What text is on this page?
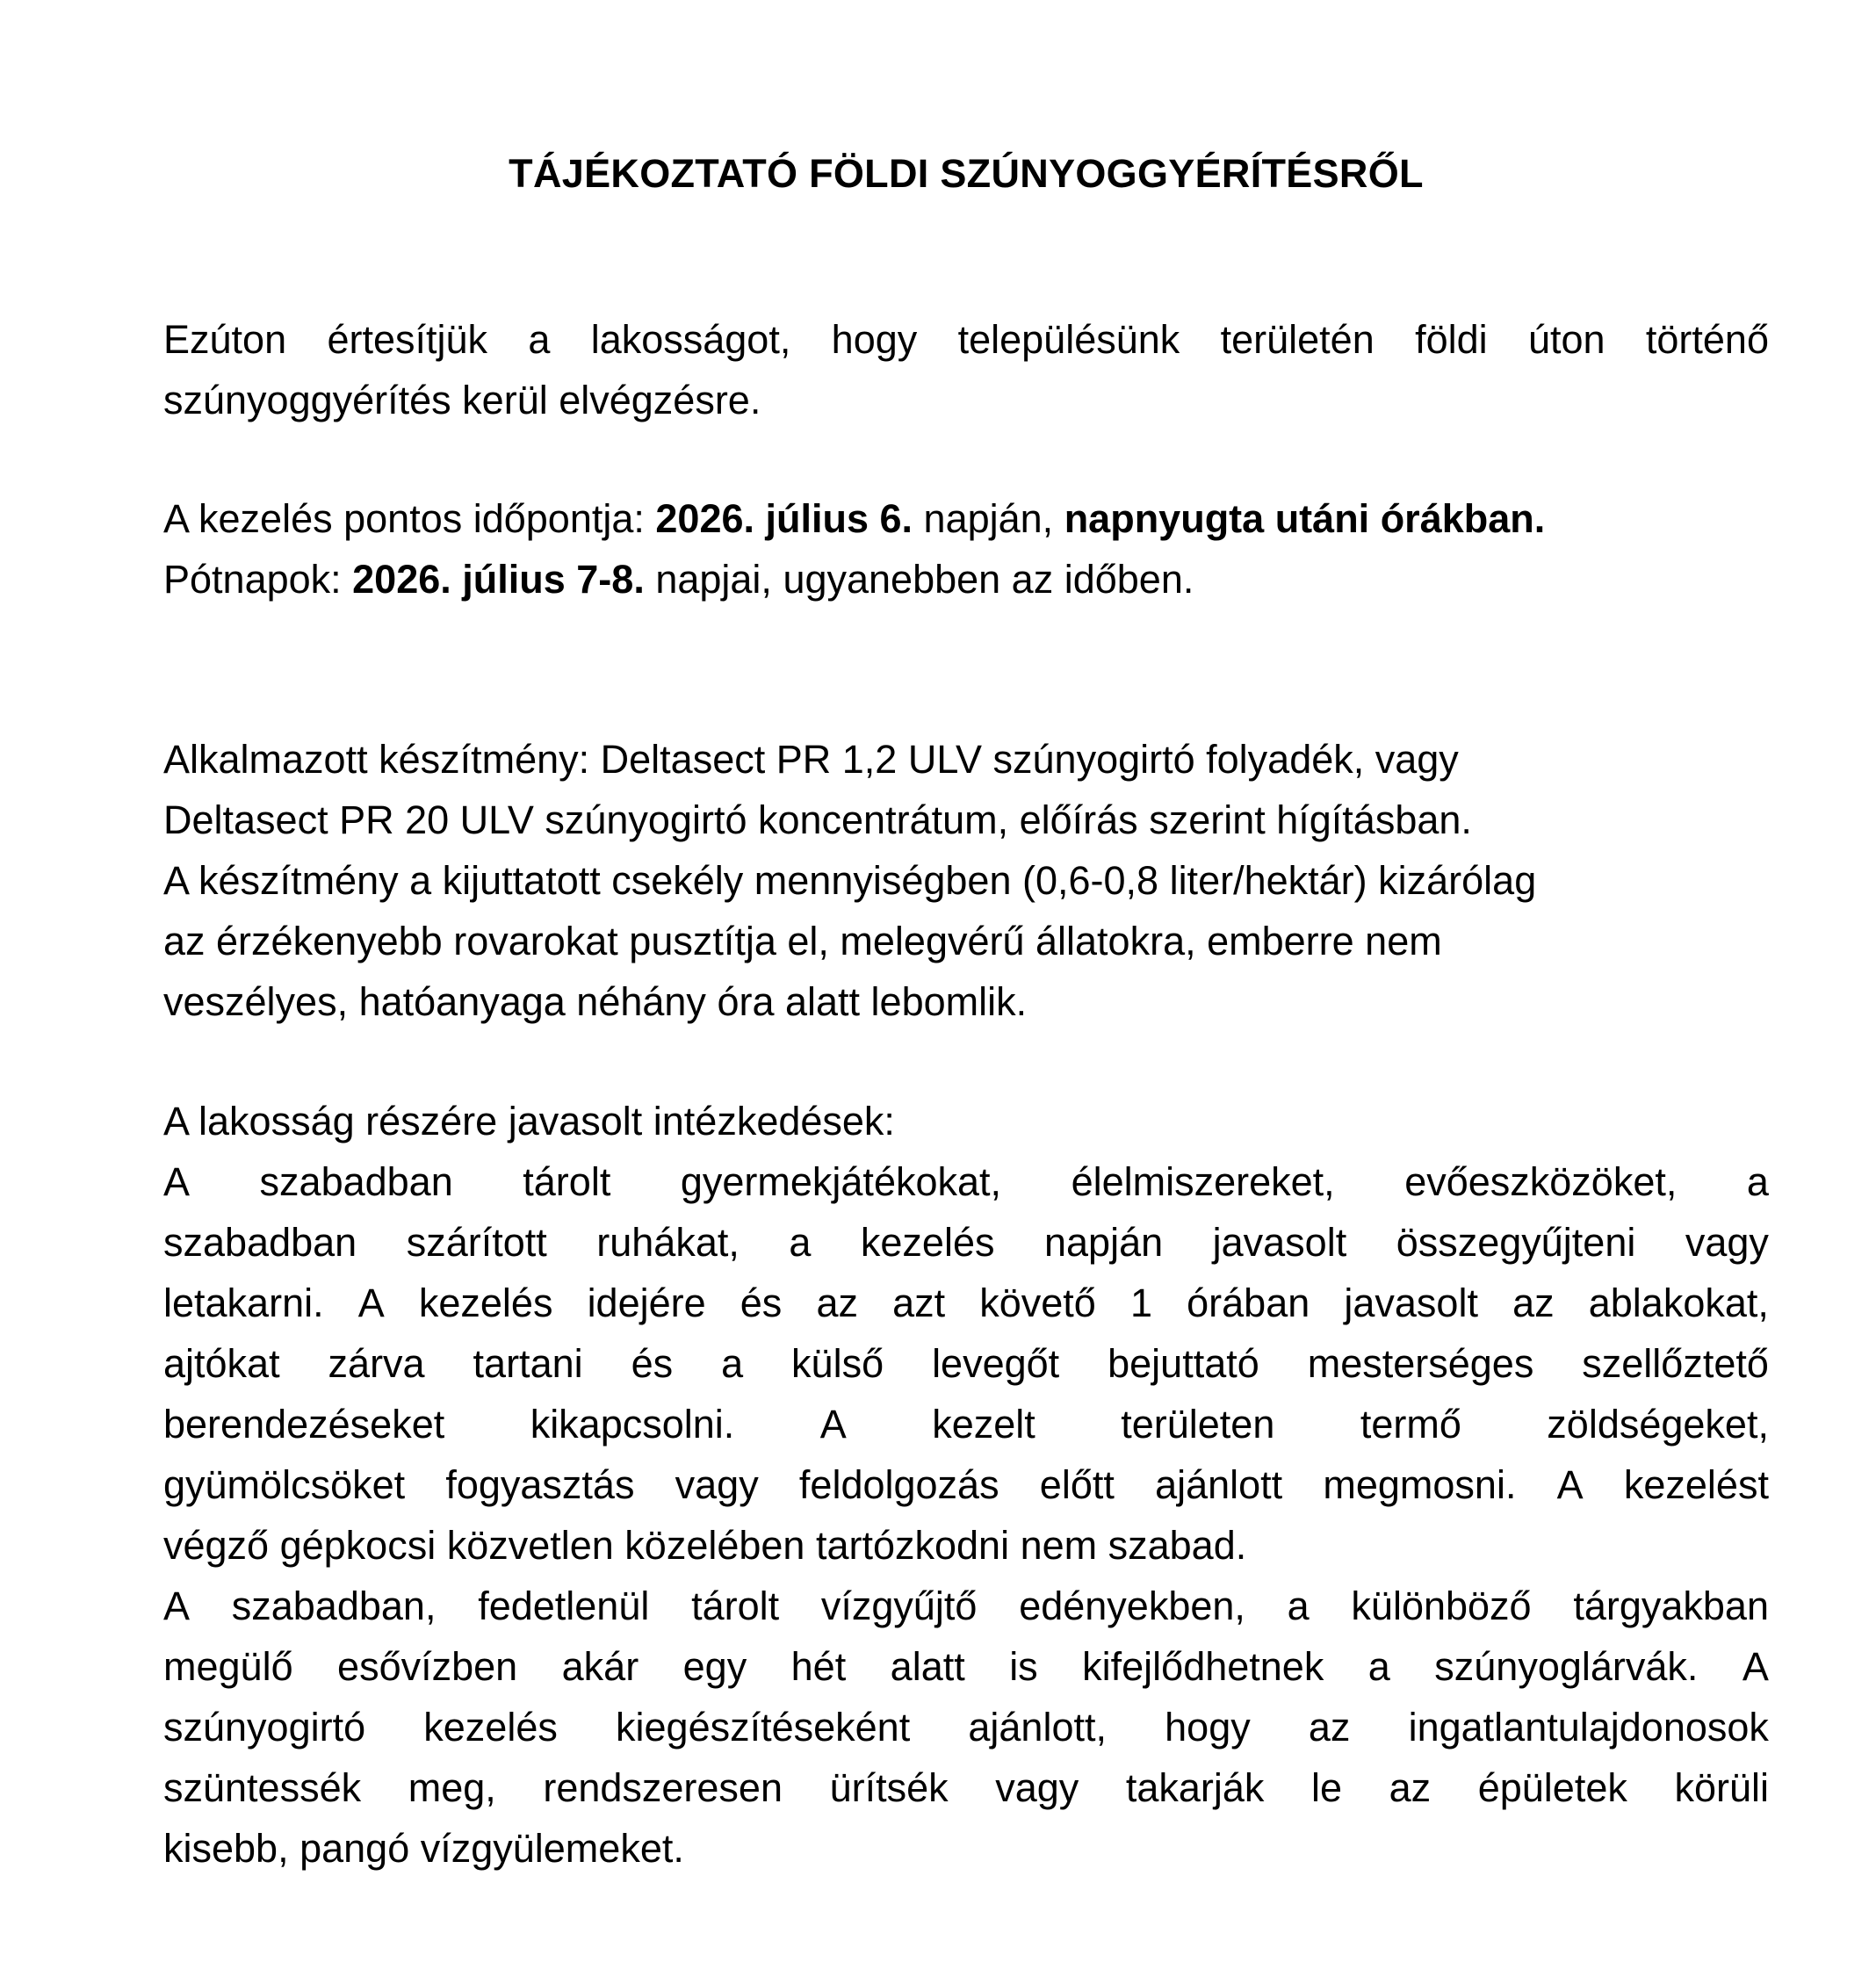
TÁJÉKOZTATÓ FÖLDI SZÚNYOGGYÉRÍTÉSRŐL
Ezúton értesítjük a lakosságot, hogy településünk területén földi úton történő
szúnyoggyérítés kerül elvégzésre.
A kezelés pontos időpontja: 2026. július 6. napján, napnyugta utáni órákban.
Pótnapok: 2026. július 7-8. napjai, ugyanebben az időben.
Alkalmazott készítmény: Deltasect PR 1,2 ULV szúnyogirtó folyadék, vagy
Deltasect PR 20 ULV szúnyogirtó koncentrátum, előírás szerint hígításban.
A készítmény a kijuttatott csekély mennyiségben (0,6-0,8 liter/hektár) kizárólag
az érzékenyebb rovarokat pusztítja el, melegvérű állatokra, emberre nem
veszélyes, hatóanyaga néhány óra alatt lebomlik.
A lakosság részére javasolt intézkedések:
A szabadban tárolt gyermekjátékokat, élelmiszereket, evőeszközöket, a
szabadban szárított ruhákat, a kezelés napján javasolt összegyűjteni vagy
letakarni. A kezelés idejére és az azt követő 1 órában javasolt az ablakokat,
ajtókat zárva tartani és a külső levegőt bejuttató mesterséges szellőztető
berendezéseket kikapcsolni. A kezelt területen termő zöldségeket,
gyümölcsöket fogyasztás vagy feldolgozás előtt ajánlott megmosni. A kezelést
végző gépkocsi közvetlen közelében tartózkodni nem szabad.
A szabadban, fedetlenül tárolt vízgyűjtő edényekben, a különböző tárgyakban
megülő esővízben akár egy hét alatt is kifejlődhetnek a szúnyoglárvák. A
szúnyogirtó kezelés kiegészítéseként ajánlott, hogy az ingatlantulajdonosok
szüntessék meg, rendszeresen ürítsék vagy takarják le az épületek körüli
kisebb, pangó vízgyülemeket.
